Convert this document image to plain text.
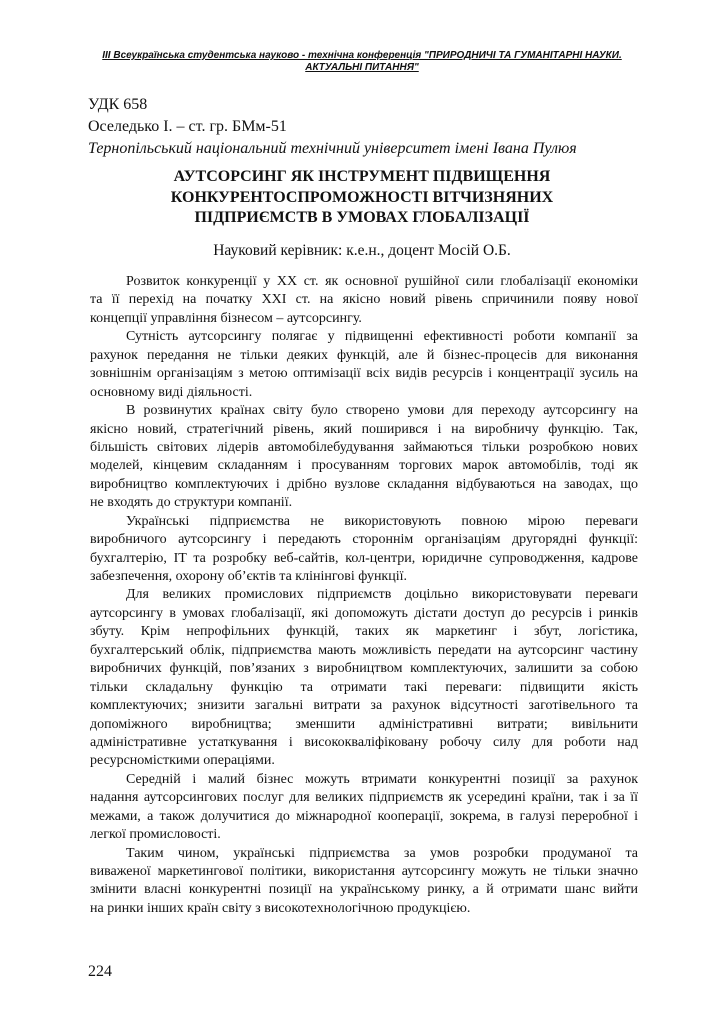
III Всеукраїнська студентська науково - технічна конференція "ПРИРОДНИЧІ ТА ГУМАНІТАРНІ НАУКИ.
АКТУАЛЬНІ ПИТАННЯ"
УДК 658
Оселедько І. – ст. гр. БМм-51
Тернопільський національний технічний університет імені Івана Пулюя
АУТСОРСИНГ ЯК ІНСТРУМЕНТ ПІДВИЩЕННЯ
КОНКУРЕНТОСПРОМОЖНОСТІ ВІТЧИЗНЯНИХ
ПІДПРИЄМСТВ В УМОВАХ ГЛОБАЛІЗАЦІЇ
Науковий керівник: к.е.н., доцент Мосій О.Б.
Розвиток конкуренції у XX ст. як основної рушійної сили глобалізації економіки
та її перехід на початку XXI ст. на якісно новий рівень спричинили появу нової
концепції управління бізнесом – аутсорсингу.
Сутність аутсорсингу полягає у підвищенні ефективності роботи компанії за
рахунок передання не тільки деяких функцій, але й бізнес-процесів для виконання
зовнішнім організаціям з метою оптимізації всіх видів ресурсів і концентрації зусиль на
основному виді діяльності.
В розвинутих країнах світу було створено умови для переходу аутсорсингу на
якісно новий, стратегічний рівень, який поширився і на виробничу функцію. Так,
більшість світових лідерів автомобілебудування займаються тільки розробкою нових
моделей, кінцевим складанням і просуванням торгових марок автомобілів, тоді як
виробництво комплектуючих і дрібно вузлове складання відбуваються на заводах, що
не входять до структури компанії.
Українські підприємства не використовують повною мірою переваги
виробничого аутсорсингу і передають стороннім організаціям другорядні функції:
бухгалтерію, IT та розробку веб-сайтів, кол-центри, юридичне супроводження, кадрове
забезпечення, охорону об’єктів та клінінгові функції.
Для великих промислових підприємств доцільно використовувати переваги
аутсорсингу в умовах глобалізації, які допоможуть дістати доступ до ресурсів і ринків
збуту. Крім непрофільних функцій, таких як маркетинг і збут, логістика,
бухгалтерський облік, підприємства мають можливість передати на аутсорсинг частину
виробничих функцій, пов’язаних з виробництвом комплектуючих, залишити за собою
тільки складальну функцію та отримати такі переваги: підвищити якість
комплектуючих; знизити загальні витрати за рахунок відсутності заготівельного та
допоміжного виробництва; зменшити адміністративні витрати; вивільнити
адміністративне устаткування і висококваліфіковану робочу силу для роботи над
ресурсномісткими операціями.
Середній і малий бізнес можуть втримати конкурентні позиції за рахунок
надання аутсорсингових послуг для великих підприємств як усередині країни, так і за її
межами, а також долучитися до міжнародної кооперації, зокрема, в галузі переробної і
легкої промисловості.
Таким чином, українські підприємства за умов розробки продуманої та
виваженої маркетингової політики, використання аутсорсингу можуть не тільки значно
змінити власні конкурентні позиції на українському ринку, а й отримати шанс вийти
на ринки інших країн світу з високотехнологічною продукцією.
224
